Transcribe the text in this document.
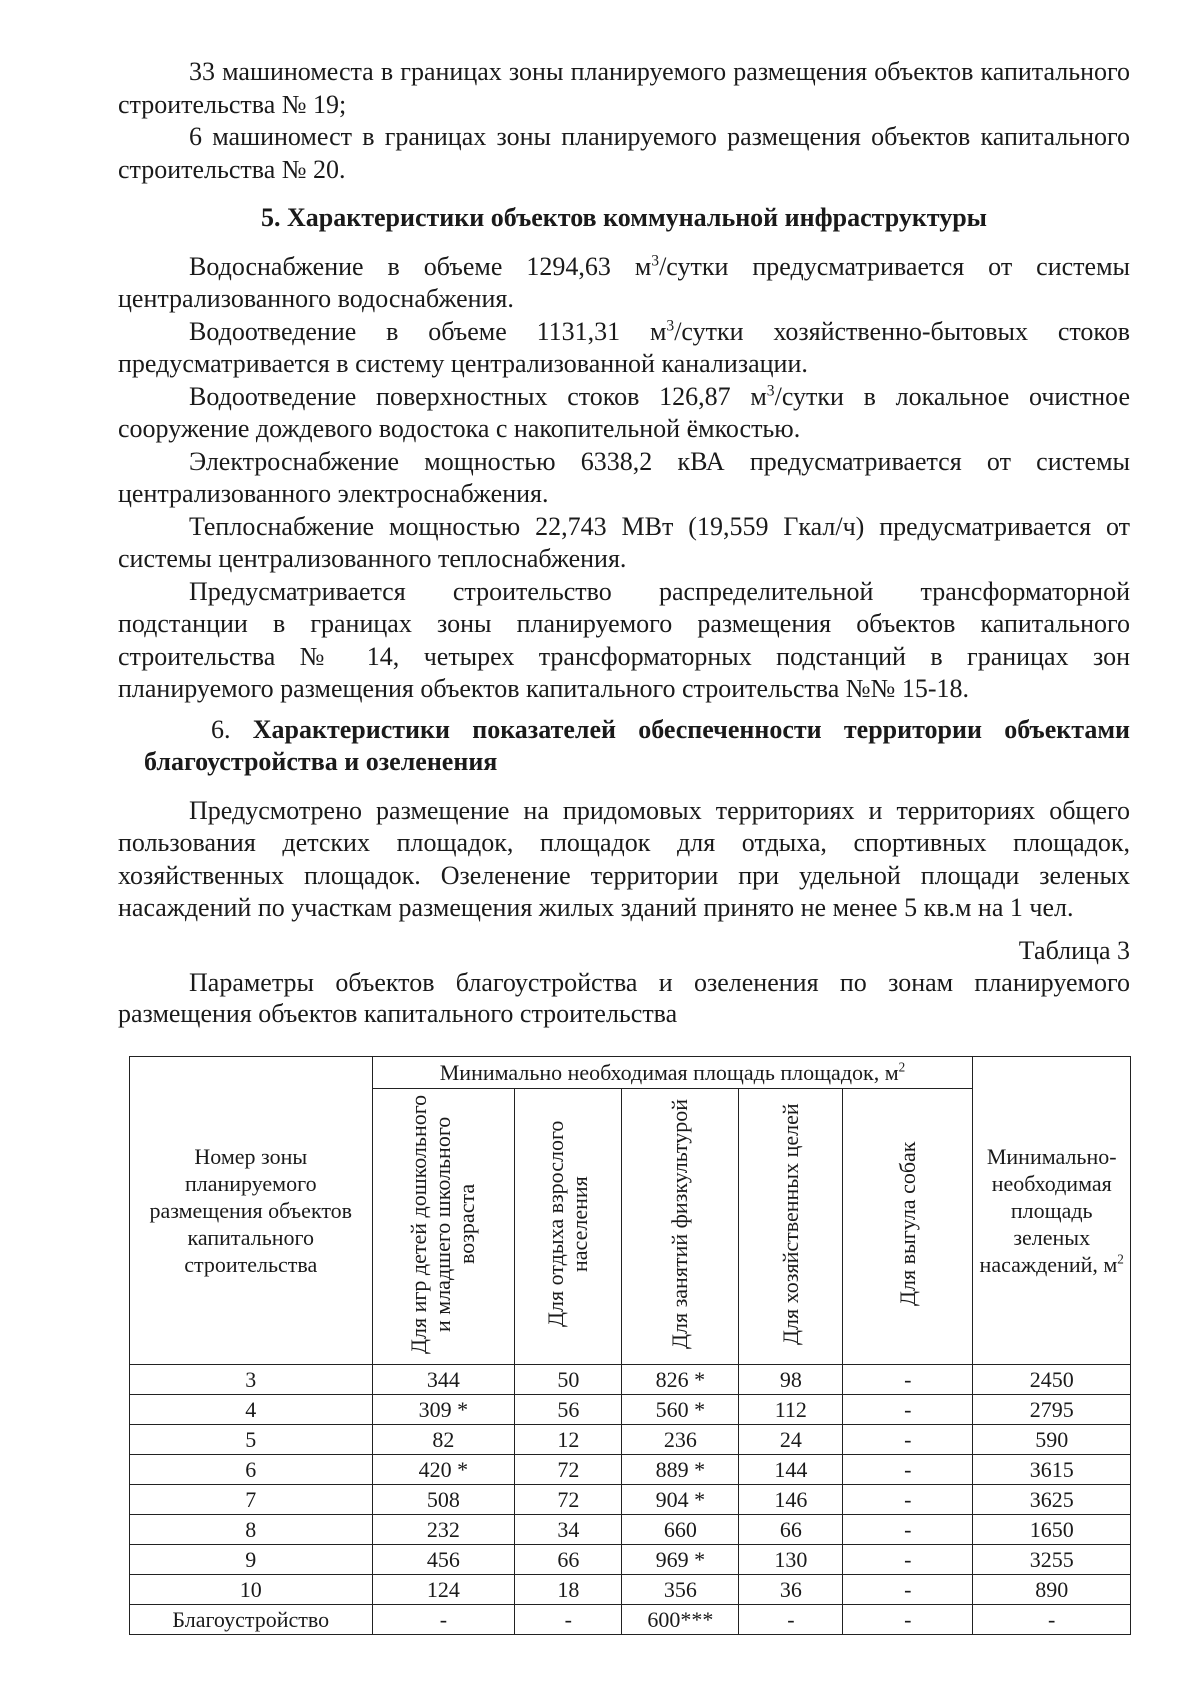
33 машиноместа в границах зоны планируемого размещения объектов капитального строительства № 19;

6 машиномест в границах зоны планируемого размещения объектов капитального строительства № 20.

5. Характеристики объектов коммунальной инфраструктуры

Водоснабжение в объеме 1294,63 $м^3$/сутки предусматривается от системы централизованного водоснабжения.

Водоотведение в объеме 1131,31 $м^3$/сутки хозяйственно-бытовых стоков предусматривается в систему централизованной канализации.

Водоотведение поверхностных стоков 126,87 $м^3$/сутки в локальное очистное сооружение дождевого водостока с накопительной ёмкостью.

Электроснабжение мощностью 6338,2 кВА предусматривается от системы централизованного электроснабжения.

Теплоснабжение мощностью 22,743 МВт (19,559 Гкал/ч) предусматривается от системы централизованного теплоснабжения.

Предусматривается строительство распределительной трансформаторной подстанции в границах зоны планируемого размещения объектов капитального строительства № 14, четырех трансформаторных подстанций в границах зон планируемого размещения объектов капитального строительства №№ 15-18.

6. Характеристики показателей обеспеченности территории объектами благоустройства и озеленения

Предусмотрено размещение на придомовых территориях и территориях общего пользования детских площадок, площадок для отдыха, спортивных площадок, хозяйственных площадок. Озеленение территории при удельной площади зеленых насаждений по участкам размещения жилых зданий принято не менее 5 кв.м на 1 чел.

Таблица 3

Параметры объектов благоустройства и озеленения по зонам планируемого размещения объектов капитального строительства

Номер зоны планируемого размещения объектов капитального строительства	Минимально необходимая площадь площадок, $м^2$					Минимально-необходимая площадь зеленых насаждений, $м^2$
	Для игр детей дошкольного и младшего школьного возраста	Для отдыха взрослого населения	Для занятий физкультурой	Для хозяйственных целей	Для выгула собак	
3	344	50	826 *	98	-	2450
4	309 *	56	560 *	112	-	2795
5	82	12	236	24	-	590
6	420 *	72	889 *	144	-	3615
7	508	72	904 *	146	-	3625
8	232	34	660	66	-	1650
9	456	66	969 *	130	-	3255
10	124	18	356	36	-	890
Благоустройство	-	-	600***	-	-	-
